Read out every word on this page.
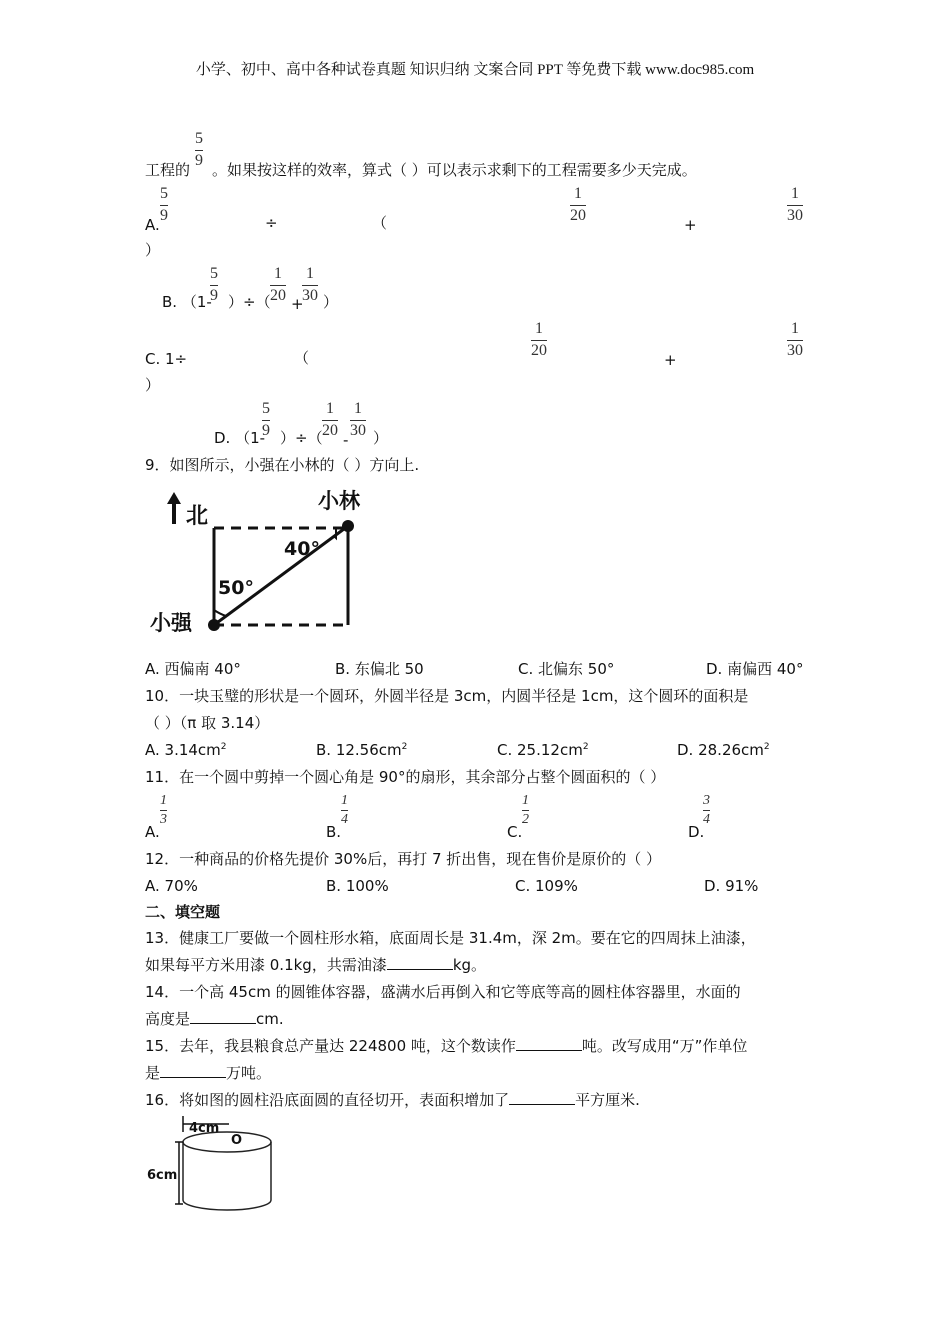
小学、初中、高中各种试卷真题 知识归纳 文案合同 PPT 等免费下载 www.doc985.com
5
9
工程的 。如果按这样的效率，算式（ ）可以表示求剩下的工程需要多少天完成。
5
9
A.	÷	（
1
20
+
1
30
）
B. （1-
5
9 ）÷（
1
20 +
1
30 ）
C. 1÷	（
1
20
+
1
30
）
D. （1-
5
9 ）÷（
1
20
-
1
30 ）
9．如图所示，小强在小林的（ ）方向上.
北
小林
小强
40°
50°
A. 西偏南 40°	B. 东偏北 50	C. 北偏东 50°	D. 南偏西 40°
10．一块玉璧的形状是一个圆环，外圆半径是 3cm，内圆半径是 1cm，这个圆环的面积是
（ ）（π 取 3.14）
A. $3.14cm^2$	B. $12.56cm^2$	C. $25.12cm^2$	D. $28.26cm^2$
11．在一个圆中剪掉一个圆心角是 90°的扇形，其余部分占整个圆面积的（ ）
A.
1
3
B.
1
4
C.
1
2
D.
3
4
12．一种商品的价格先提价 30%后，再打 7 折出售，现在售价是原价的（ ）
A. 70%	B. 100%	C. 109%	D. 91%
二、填空题
13．健康工厂要做一个圆柱形水箱，底面周长是 31.4m，深 2m。要在它的四周抹上油漆，
如果每平方米用漆 0.1kg，共需油漆	kg。
14．一个高 45cm 的圆锥体容器，盛满水后再倒入和它等底等高的圆柱体容器里，水面的
高度是	cm.
15．去年，我县粮食总产量达 224800 吨，这个数读作	吨。改写成用“万”作单位
是	万吨。
16．将如图的圆柱沿底面圆的直径切开，表面积增加了	平方厘米.
4cm
O
6cm
